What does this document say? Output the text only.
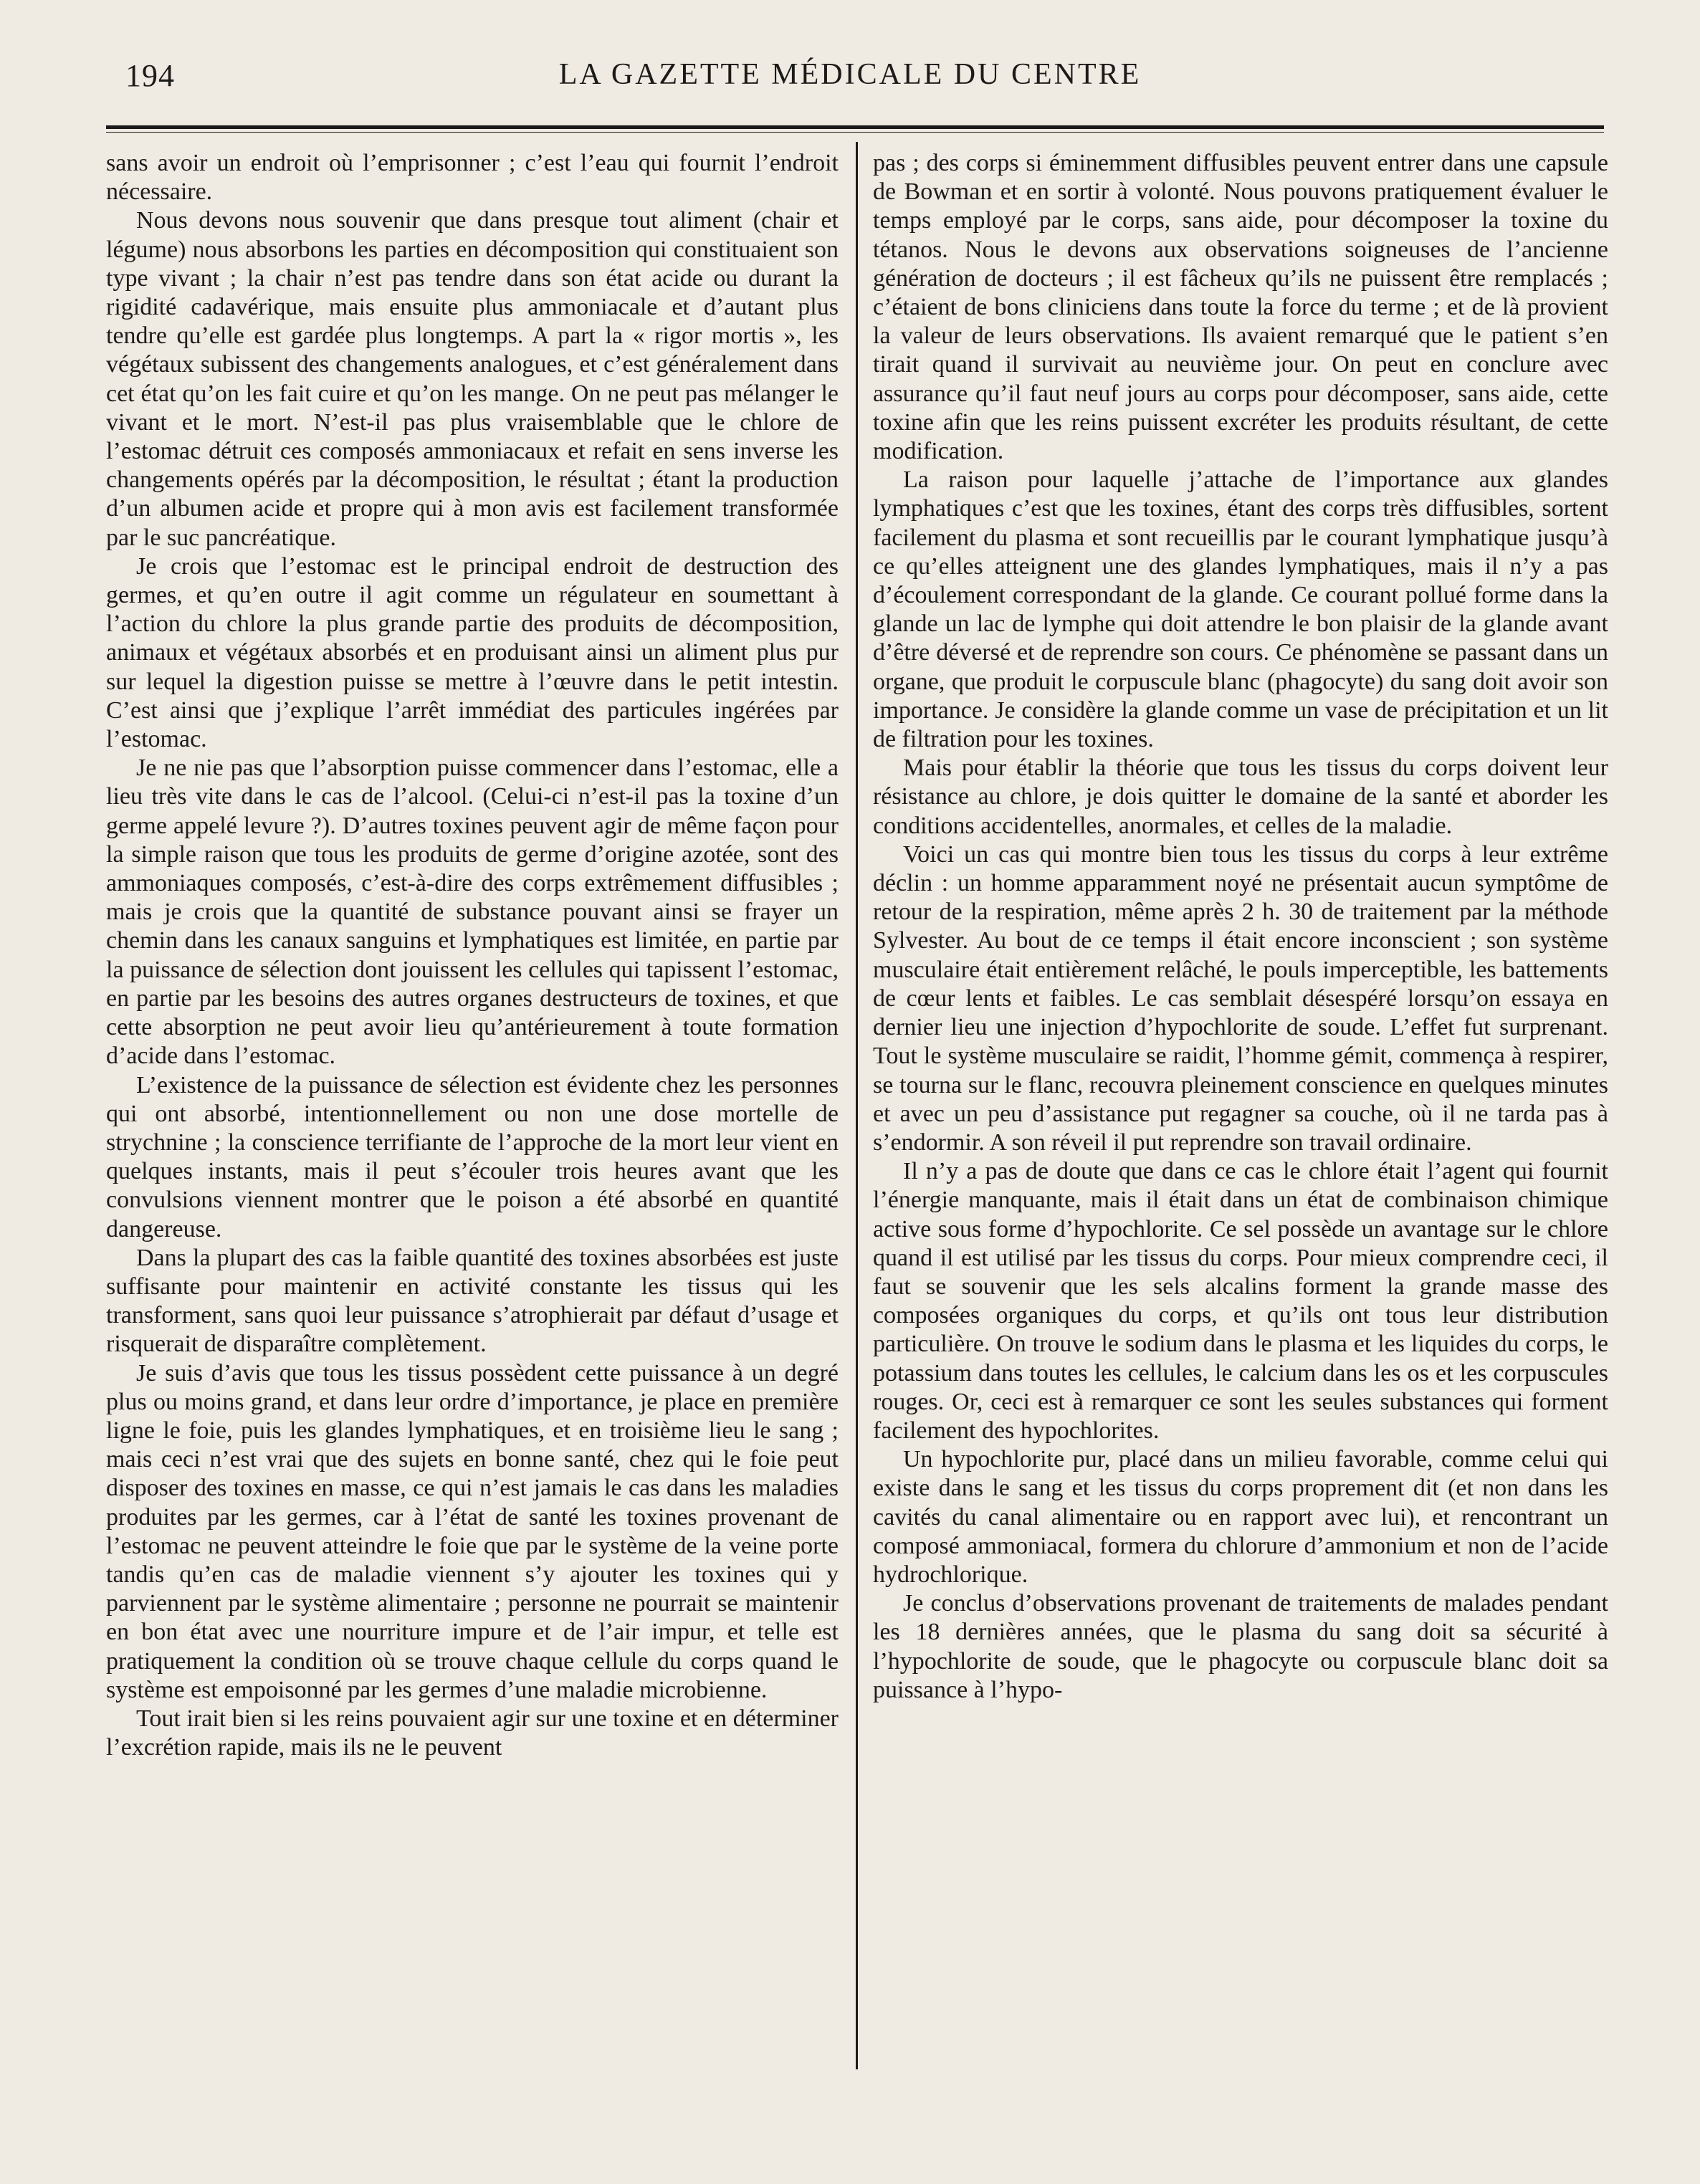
194	LA GAZETTE MÉDICALE DU CENTRE

sans avoir un endroit où l’emprisonner ; c’est l’eau qui fournit l’endroit nécessaire.

Nous devons nous souvenir que dans presque tout aliment (chair et légume) nous absorbons les parties en décomposition qui constituaient son type vivant ; la chair n’est pas tendre dans son état acide ou durant la rigidité cadavérique, mais ensuite plus ammoniacale et d’autant plus tendre qu’elle est gardée plus longtemps. A part la « rigor mortis », les végétaux subissent des changements analogues, et c’est généralement dans cet état qu’on les fait cuire et qu’on les mange. On ne peut pas mélanger le vivant et le mort. N’est-il pas plus vraisemblable que le chlore de l’estomac détruit ces composés ammoniacaux et refait en sens inverse les changements opérés par la décomposition, le résultat ; étant la production d’un albumen acide et propre qui à mon avis est facilement transformée par le suc pancréatique.

Je crois que l’estomac est le principal endroit de destruction des germes, et qu’en outre il agit comme un régulateur en soumettant à l’action du chlore la plus grande partie des produits de décomposition, animaux et végétaux absorbés et en produisant ainsi un aliment plus pur sur lequel la digestion puisse se mettre à l’œuvre dans le petit intestin. C’est ainsi que j’explique l’arrêt immédiat des particules ingérées par l’estomac.

Je ne nie pas que l’absorption puisse commencer dans l’estomac, elle a lieu très vite dans le cas de l’alcool. (Celui-ci n’est-il pas la toxine d’un germe appelé levure ?). D’autres toxines peuvent agir de même façon pour la simple raison que tous les produits de germe d’origine azotée, sont des ammoniaques composés, c’est-à-dire des corps extrêmement diffusibles ; mais je crois que la quantité de substance pouvant ainsi se frayer un chemin dans les canaux sanguins et lymphatiques est limitée, en partie par la puissance de sélection dont jouissent les cellules qui tapissent l’estomac, en partie par les besoins des autres organes destructeurs de toxines, et que cette absorption ne peut avoir lieu qu’antérieurement à toute formation d’acide dans l’estomac.

L’existence de la puissance de sélection est évidente chez les personnes qui ont absorbé, intentionnellement ou non une dose mortelle de strychnine ; la conscience terrifiante de l’approche de la mort leur vient en quelques instants, mais il peut s’écouler trois heures avant que les convulsions viennent montrer que le poison a été absorbé en quantité dangereuse.

Dans la plupart des cas la faible quantité des toxines absorbées est juste suffisante pour maintenir en activité constante les tissus qui les transforment, sans quoi leur puissance s’atrophierait par défaut d’usage et risquerait de disparaître complètement.

Je suis d’avis que tous les tissus possèdent cette puissance à un degré plus ou moins grand, et dans leur ordre d’importance, je place en première ligne le foie, puis les glandes lymphatiques, et en troisième lieu le sang ; mais ceci n’est vrai que des sujets en bonne santé, chez qui le foie peut disposer des toxines en masse, ce qui n’est jamais le cas dans les maladies produites par les germes, car à l’état de santé les toxines provenant de l’estomac ne peuvent atteindre le foie que par le système de la veine porte tandis qu’en cas de maladie viennent s’y ajouter les toxines qui y parviennent par le système alimentaire ; personne ne pourrait se maintenir en bon état avec une nourriture impure et de l’air impur, et telle est pratiquement la condition où se trouve chaque cellule du corps quand le système est empoisonné par les germes d’une maladie microbienne.

Tout irait bien si les reins pouvaient agir sur une toxine et en déterminer l’excrétion rapide, mais ils ne le peuvent

pas ; des corps si éminemment diffusibles peuvent entrer dans une capsule de Bowman et en sortir à volonté. Nous pouvons pratiquement évaluer le temps employé par le corps, sans aide, pour décomposer la toxine du tétanos. Nous le devons aux observations soigneuses de l’ancienne génération de docteurs ; il est fâcheux qu’ils ne puissent être remplacés ; c’étaient de bons cliniciens dans toute la force du terme ; et de là provient la valeur de leurs observations. Ils avaient remarqué que le patient s’en tirait quand il survivait au neuvième jour. On peut en conclure avec assurance qu’il faut neuf jours au corps pour décomposer, sans aide, cette toxine afin que les reins puissent excréter les produits résultant, de cette modification.

La raison pour laquelle j’attache de l’importance aux glandes lymphatiques c’est que les toxines, étant des corps très diffusibles, sortent facilement du plasma et sont recueillis par le courant lymphatique jusqu’à ce qu’elles atteignent une des glandes lymphatiques, mais il n’y a pas d’écoulement correspondant de la glande. Ce courant pollué forme dans la glande un lac de lymphe qui doit attendre le bon plaisir de la glande avant d’être déversé et de reprendre son cours. Ce phénomène se passant dans un organe, que produit le corpuscule blanc (phagocyte) du sang doit avoir son importance. Je considère la glande comme un vase de précipitation et un lit de filtration pour les toxines.

Mais pour établir la théorie que tous les tissus du corps doivent leur résistance au chlore, je dois quitter le domaine de la santé et aborder les conditions accidentelles, anormales, et celles de la maladie.

Voici un cas qui montre bien tous les tissus du corps à leur extrême déclin : un homme apparamment noyé ne présentait aucun symptôme de retour de la respiration, même après 2 h. 30 de traitement par la méthode Sylvester. Au bout de ce temps il était encore inconscient ; son système musculaire était entièrement relâché, le pouls imperceptible, les battements de cœur lents et faibles. Le cas semblait désespéré lorsqu’on essaya en dernier lieu une injection d’hypochlorite de soude. L’effet fut surprenant. Tout le système musculaire se raidit, l’homme gémit, commença à respirer, se tourna sur le flanc, recouvra pleinement conscience en quelques minutes et avec un peu d’assistance put regagner sa couche, où il ne tarda pas à s’endormir. A son réveil il put reprendre son travail ordinaire.

Il n’y a pas de doute que dans ce cas le chlore était l’agent qui fournit l’énergie manquante, mais il était dans un état de combinaison chimique active sous forme d’hypochlorite. Ce sel possède un avantage sur le chlore quand il est utilisé par les tissus du corps. Pour mieux comprendre ceci, il faut se souvenir que les sels alcalins forment la grande masse des composées organiques du corps, et qu’ils ont tous leur distribution particulière. On trouve le sodium dans le plasma et les liquides du corps, le potassium dans toutes les cellules, le calcium dans les os et les corpuscules rouges. Or, ceci est à remarquer ce sont les seules substances qui forment facilement des hypochlorites.

Un hypochlorite pur, placé dans un milieu favorable, comme celui qui existe dans le sang et les tissus du corps proprement dit (et non dans les cavités du canal alimentaire ou en rapport avec lui), et rencontrant un composé ammoniacal, formera du chlorure d’ammonium et non de l’acide hydrochlorique.

Je conclus d’observations provenant de traitements de malades pendant les 18 dernières années, que le plasma du sang doit sa sécurité à l’hypochlorite de soude, que le phagocyte ou corpuscule blanc doit sa puissance à l’hypo-
